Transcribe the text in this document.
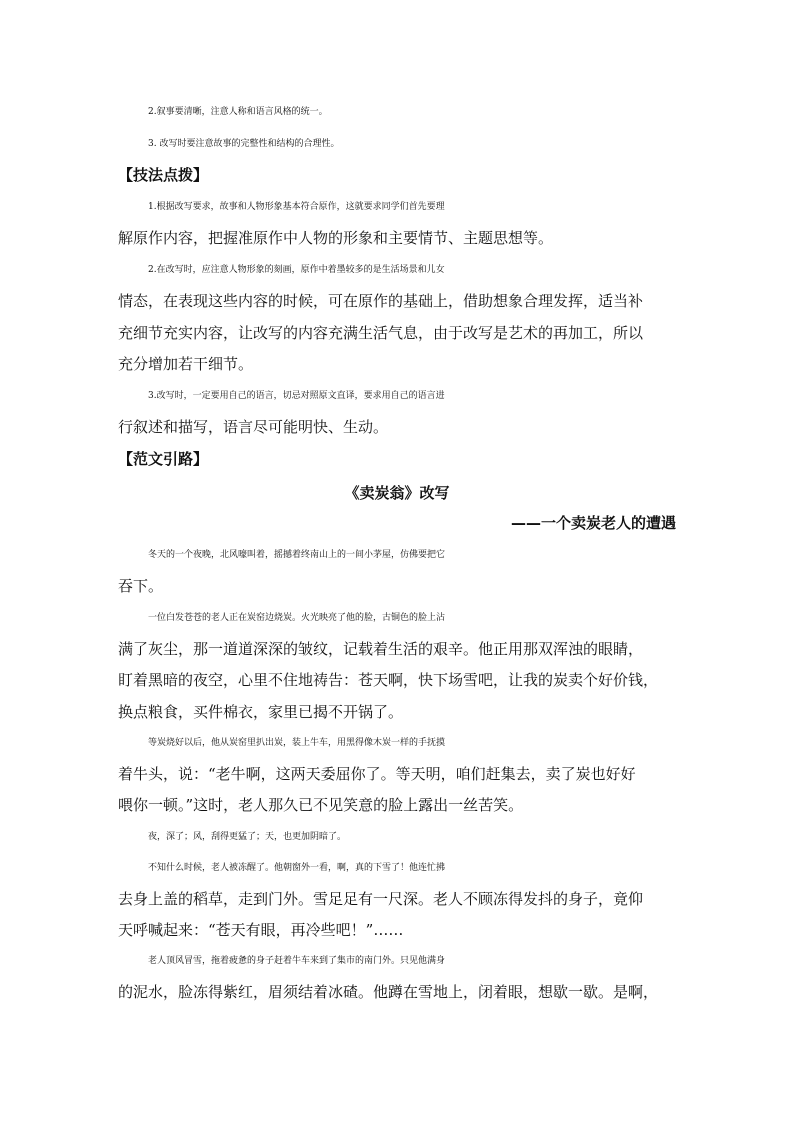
2.叙事要清晰，注意人称和语言风格的统一。
3. 改写时要注意故事的完整性和结构的合理性。
【技法点拨】
1.根据改写要求，故事和人物形象基本符合原作，这就要求同学们首先要理
解原作内容，把握准原作中人物的形象和主要情节、主题思想等。
2.在改写时，应注意人物形象的刻画，原作中着墨较多的是生活场景和儿女
情态，在表现这些内容的时候，可在原作的基础上，借助想象合理发挥，适当补
充细节充实内容，让改写的内容充满生活气息，由于改写是艺术的再加工，所以
充分增加若干细节。
3.改写时，一定要用自己的语言，切忌对照原文直译，要求用自己的语言进
行叙述和描写，语言尽可能明快、生动。
【范文引路】
《卖炭翁》改写
——一个卖炭老人的遭遇
冬天的一个夜晚，北风嚎叫着，摇撼着终南山上的一间小茅屋，仿佛要把它
吞下。
一位白发苍苍的老人正在炭窑边烧炭。火光映亮了他的脸，古铜色的脸上沾
满了灰尘，那一道道深深的皱纹，记载着生活的艰辛。他正用那双浑浊的眼睛，
盯着黑暗的夜空，心里不住地祷告：苍天啊，快下场雪吧，让我的炭卖个好价钱，
换点粮食，买件棉衣，家里已揭不开锅了。
等炭烧好以后，他从炭窑里扒出炭，装上牛车，用黑得像木炭一样的手抚摸
着牛头，说：“老牛啊，这两天委屈你了。等天明，咱们赶集去，卖了炭也好好
喂你一顿。”这时，老人那久已不见笑意的脸上露出一丝苦笑。
夜，深了；风，刮得更猛了；天，也更加阴暗了。
不知什么时候，老人被冻醒了。他朝窗外一看，啊，真的下雪了！他连忙拂
去身上盖的稻草，走到门外。雪足足有一尺深。老人不顾冻得发抖的身子，竟仰
天呼喊起来：“苍天有眼，再冷些吧！”……
老人顶风冒雪，拖着疲惫的身子赶着牛车来到了集市的南门外。只见他满身
的泥水，脸冻得紫红，眉须结着冰碴。他蹲在雪地上，闭着眼，想歇一歇。是啊，
